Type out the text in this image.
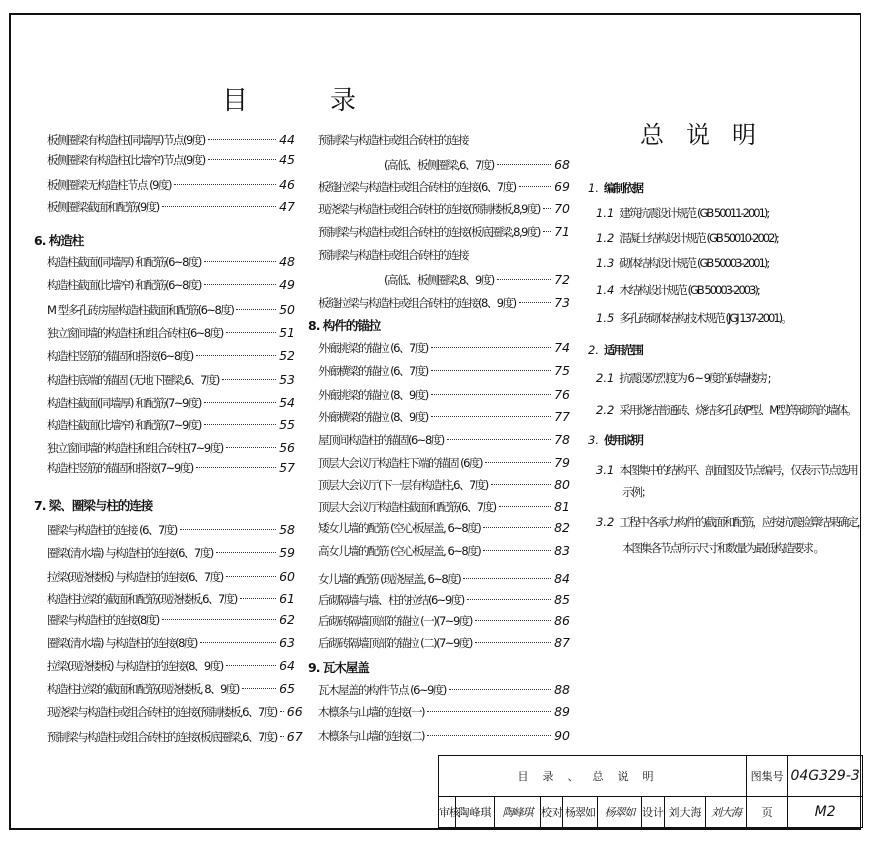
目	录
板侧圈梁有构造柱(同墙厚)节点(9度)	44
板侧圈梁有构造柱(比墙窄)节点(9度)	45
板侧圈梁无构造柱节点 (9度)	46
板侧圈梁截面和配筋(9度)	47
6. 构造柱
构造柱截面(同墙厚) 和配筋(6~8度)	48
构造柱截面(比墙窄) 和配筋(6~8度)	49
M 型多孔砖房屋构造柱截面和配筋(6~8度)	50
独立窗间墙的构造柱和组合砖柱(6~8度)	51
构造柱竖筋的锚固和搭接(6~8度)	52
构造柱底端的锚固 (无地下圈梁,6、7度)	53
构造柱截面(同墙厚) 和配筋(7~9度)	54
构造柱截面(比墙窄) 和配筋(7~9度)	55
独立窗间墙的构造柱和组合砖柱(7~9度)	56
构造柱竖筋的锚固和搭接(7~9度)	57
7. 梁、圈梁与柱的连接
圈梁与构造柱的连接 (6、7度)	58
圈梁(清水墙) 与构造柱的连接(6、7度)	59
拉梁(现浇楼板) 与构造柱的连接(6、7度)	60
构造柱拉梁的截面和配筋(现浇楼板,6、7度)	61
圈梁与构造柱的连接(8度)	62
圈梁(清水墙) 与构造柱的连接(8度)	63
拉梁(现浇楼板) 与构造柱的连接(8、9度)	64
构造柱拉梁的截面和配筋(现浇楼板, 8、9度)	65
现浇梁与构造柱或组合砖柱的连接(预制楼板,6、7度) 66
预制梁与构造柱或组合砖柱的连接(板底圈梁,6、7度) 67
预制梁与构造柱或组合砖柱的连接
(高低、板侧圈梁,6、7度)	68
板缝拉梁与构造柱或组合砖柱的连接(6、7度)	69
现浇梁与构造柱或组合砖柱的连接(预制楼板,8,9度) 70
预制梁与构造柱或组合砖柱的连接(板底圈梁,8,9度) 71
预制梁与构造柱或组合砖柱的连接
(高低、板侧圈梁,8、9度)	72
板缝拉梁与构造柱或组合砖柱的连接(8、9度)	73
8. 构件的锚拉
外廊挑梁的锚拉 (6、7度)	74
外廊横梁的锚拉 (6、7度)	75
外廊挑梁的锚拉 (8、9度)	76
外廊横梁的锚拉 (8、9度)	77
屋顶间构造柱的锚固(6~8度)	78
顶层大会议厅构造柱下端的锚固 (6度)	79
顶层大会议厅(下一层有构造柱,6、7度)	80
顶层大会议厅构造柱截面和配筋(6、7度)	81
矮女儿墙的配筋 (空心板屋盖, 6~8度)	82
高女儿墙的配筋 (空心板屋盖, 6~8度)	83
女儿墙的配筋 (现浇屋盖, 6~8度)	84
后砌隔墙与墙、柱的拉结(6~9度)	85
后砌砖隔墙顶部的锚拉 (一)(7~9度)	86
后砌砖隔墙顶部的锚拉 (二)(7~9度)	87
9. 瓦木屋盖
瓦木屋盖的构件节点 (6~9度)	88
木檩条与山墙的连接(一)	89
木檩条与山墙的连接(二)	90
总说明
1. 编制依据
1.1 建筑抗震设计规范 (GB 50011-2001);
1.2 混凝土结构设计规范 (GB 50010-2002);
1.3 砌体结构设计规范 (GB 50003-2001);
1.4 木结构设计规范 (GB 50003-2003);
1.5 多孔砖砌体结构技术规范 (JGJ 137-2001)。
2. 适用范围
2.1 抗震设防烈度为 6 ~ 9度的砖墙楼房 ;
2.2 采用烧结普通砖、烧结多孔砖(P型、M型)等砌筑的墙体。
3. 使用说明
3.1 本图集中的结构平、剖面图及节点编号，仅表示节点选用
示例；
3.2 工程中各承力构件的截面和配筋，应按抗震验算结果确定，
本图集各节点所示尺寸和数量为最低构造要求 。
目录、总说明									图集号	04G329-3
审核	陶峰琪	陶峰琪	校对	杨翠如	杨翠如	设计	刘大海	刘大海	页	M2
